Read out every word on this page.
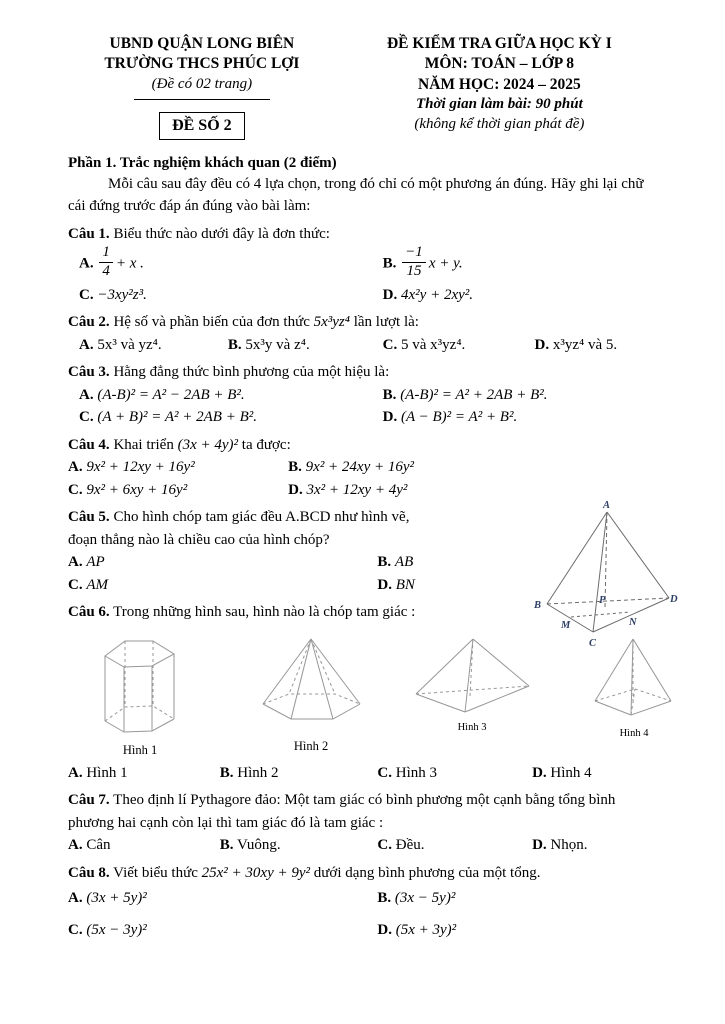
UBND QUẬN LONG BIÊN
TRƯỜNG THCS PHÚC LỢI
(Đề có 02 trang)
ĐỀ SỐ 2
ĐỀ KIỂM TRA GIỮA HỌC KỲ I
MÔN: TOÁN – LỚP 8
NĂM HỌC: 2024 – 2025
Thời gian làm bài: 90 phút
(không kể thời gian phát đề)
Phần 1. Trắc nghiệm khách quan (2 điểm)
Mỗi câu sau đây đều có 4 lựa chọn, trong đó chỉ có một phương án đúng. Hãy ghi lại chữ cái đứng trước đáp án đúng vào bài làm:
Câu 1. Biểu thức nào dưới đây là đơn thức:
A. $\frac{1}{4} + x$ .	B. $\frac{-1}{15}$ x + y.
C. −3xy²z³.	D. 4x²y + 2xy².
Câu 2. Hệ số và phần biến của đơn thức 5x³yz⁴ lần lượt là:
A. 5x³ và yz⁴.	B. 5x³y và z⁴.	C. 5 và x³yz⁴.	D. x³yz⁴ và 5.
Câu 3. Hằng đẳng thức bình phương của một hiệu là:
A. (A-B)² = A² − 2AB + B².	B. (A-B)² = A² + 2AB + B².
C. (A + B)² = A² + 2AB + B².	D. (A − B)² = A² + B².
Câu 4. Khai triển (3x + 4y)² ta được:
A. 9x² + 12xy + 16y²	B. 9x² + 24xy + 16y²
C. 9x² + 6xy + 16y²	D. 3x² + 12xy + 4y²
A
B
D
C
M
P
N
Câu 5. Cho hình chóp tam giác đều A.BCD như hình vẽ,
đoạn thẳng nào là chiều cao của hình chóp?
A. AP	B. AB
C. AM	D. BN
Câu 6. Trong những hình sau, hình nào là chóp tam giác :
Hình 1	Hình 2
Hình 3
Hình 4
A. Hình 1	B. Hình 2	C. Hình 3	D. Hình 4
Câu 7. Theo định lí Pythagore đảo: Một tam giác có bình phương một cạnh bằng tổng bình phương hai cạnh còn lại thì tam giác đó là tam giác :
A. Cân	B. Vuông.	C. Đều.	D. Nhọn.
Câu 8. Viết biểu thức 25x² + 30xy + 9y² dưới dạng bình phương của một tổng.
A. (3x + 5y)²	B. (3x − 5y)²
C. (5x − 3y)²	D. (5x + 3y)²
